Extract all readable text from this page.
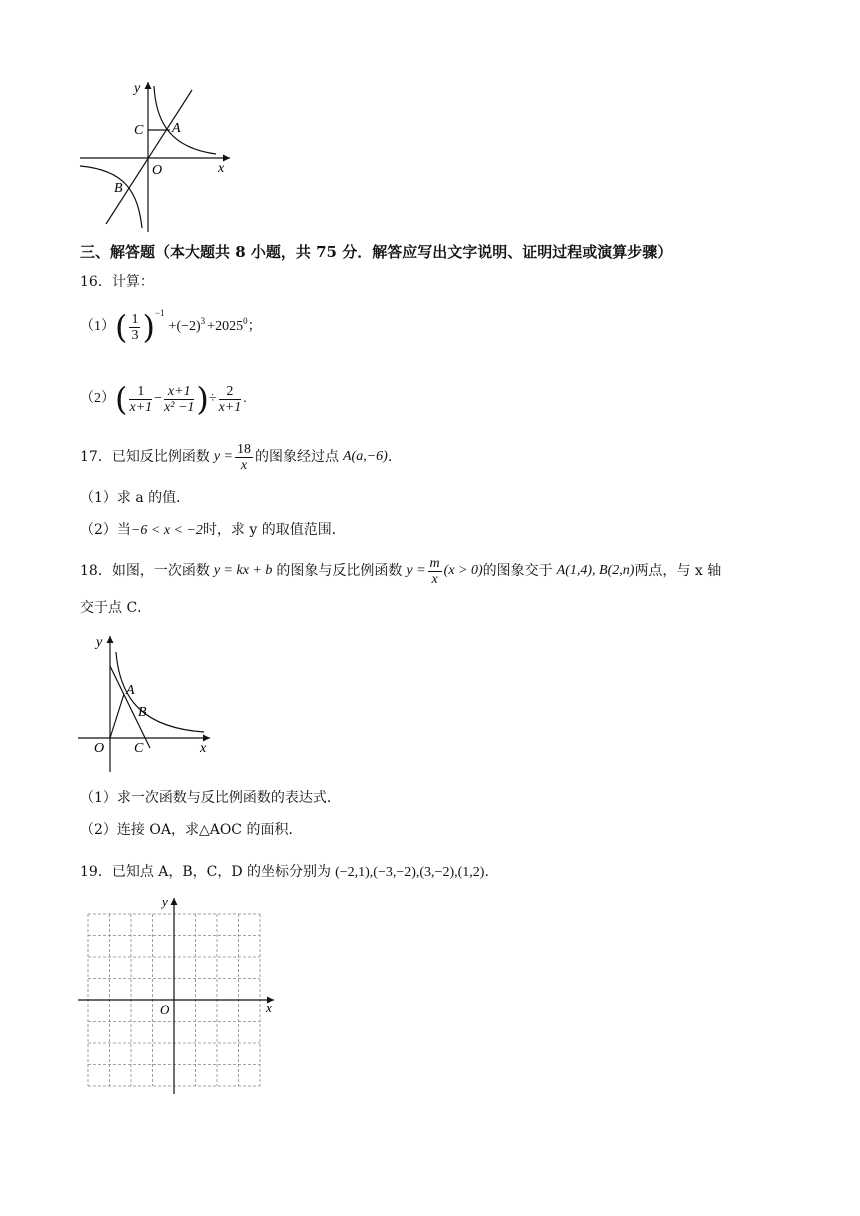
y
x
O
A
C
B
三、解答题（本大题共 8 小题，共 75 分．解答应写出文字说明、证明过程或演算步骤）
16．计算：
（1） ( $\frac{1}{3} )^{-1}$
$+(-2)^3 +2025^0$ ；
（2） ( $\frac{1}{x+1} - \frac{x+1}{\text{x² −1}}$ ) ÷ $\frac{2}{x+1}$ .
17．已知反比例函数 $y = \frac{18}{x}$ 的图象经过点 A(a,−6) .
（1）求 a 的值．
（2）当−6 < x < −2时，求 y 的取值范围．
18．如图，一次函数 y = kx + b 的图象与反比例函数 $y = \frac{m}{x} (x > 0)$ 的图象交于 A(1,4), B(2,n) 两点，与 x 轴
交于点 C．
y
x
O
A
B
C
（1）求一次函数与反比例函数的表达式．
（2）连接 OA，求△AOC 的面积．
19．已知点 A，B，C，D 的坐标分别为 (−2,1),(−3,−2),(3,−2),(1,2).
y
x
O
